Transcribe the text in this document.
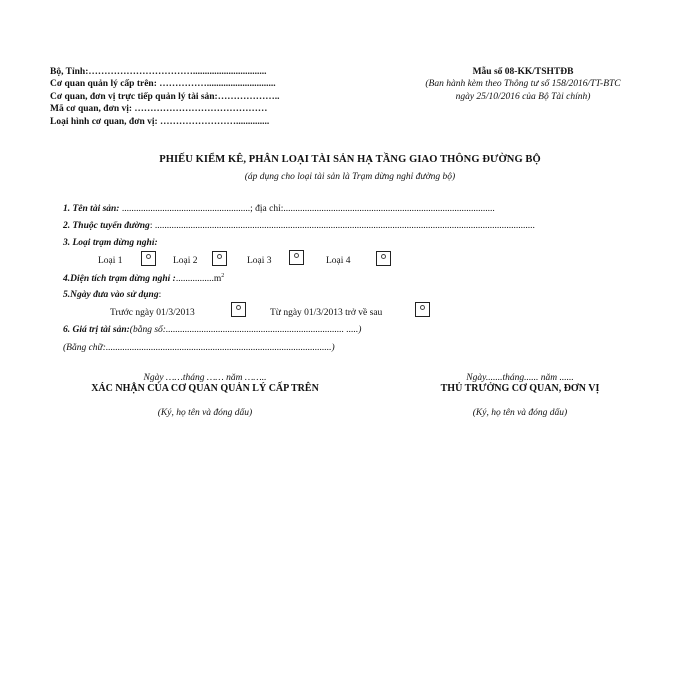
Bộ, Tỉnh:……………………………...............................
Cơ quan quản lý cấp trên: …………….............................
Cơ quan, đơn vị trực tiếp quản lý tài sản:………………..
Mã cơ quan, đơn vị: ……………………………………
Loại hình cơ quan, đơn vị: ……………………..............
Mẫu số 08-KK/TSHTĐB
(Ban hành kèm theo Thông tư số 158/2016/TT-BTC
ngày 25/10/2016 của Bộ Tài chính)
PHIẾU KIỂM KÊ, PHÂN LOẠI TÀI SẢN HẠ TẦNG GIAO THÔNG ĐƯỜNG BỘ
(áp dụng cho loại tài sản là Trạm dừng nghỉ đường bộ)
1. Tên tài sản: ......................................................; địa chỉ:.........................................................................................
2. Thuộc tuyến đường: ................................................................................................................................................................
3. Loại trạm dừng nghỉ:
Loại 1	Loại 2	Loại 3	Loại 4
4.Diện tích trạm dừng nghỉ $:................m^2$
5.Ngày đưa vào sử dụng:
Trước ngày 01/3/2013	Từ ngày 01/3/2013 trở về sau
6. Giá trị tài sản:(bằng số:........................................................................... .....)
(Bằng chữ:...............................................................................................)
Ngày ……tháng …… năm ……..
XÁC NHẬN CỦA CƠ QUAN QUẢN LÝ CẤP TRÊN
(Ký, họ tên và đóng dấu)
Ngày.......tháng...... năm ......
THỦ TRƯỞNG CƠ QUAN, ĐƠN VỊ
(Ký, họ tên và đóng dấu)
